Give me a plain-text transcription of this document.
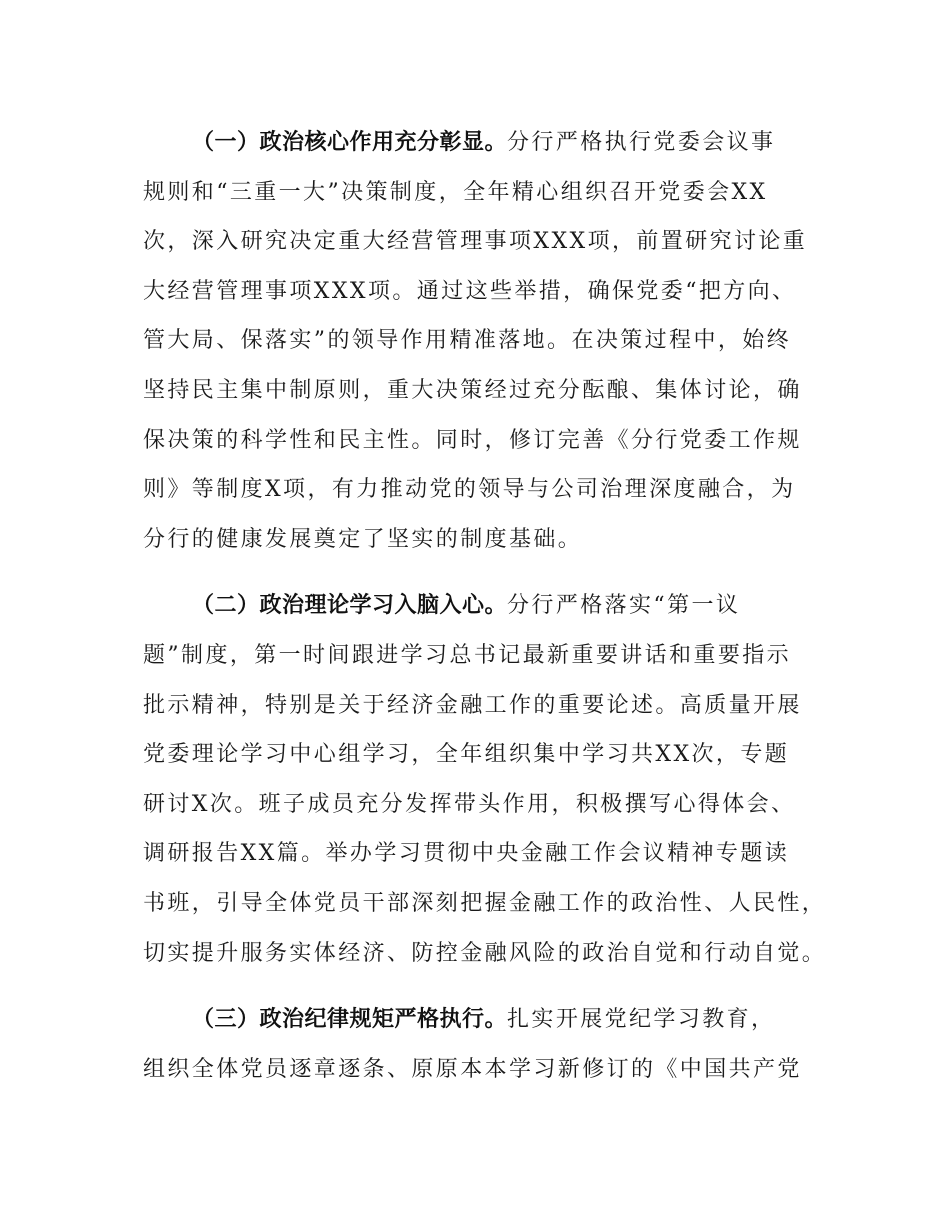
（一）政治核心作用充分彰显。分行严格执行党委会议事
规则和“三重一大”决策制度，全年精心组织召开党委会XX
次，深入研究决定重大经营管理事项XXX项，前置研究讨论重
大经营管理事项XXX项。通过这些举措，确保党委“把方向、
管大局、保落实”的领导作用精准落地。在决策过程中，始终
坚持民主集中制原则，重大决策经过充分酝酿、集体讨论，确
保决策的科学性和民主性。同时，修订完善《分行党委工作规
则》等制度X项，有力推动党的领导与公司治理深度融合，为
分行的健康发展奠定了坚实的制度基础。
（二）政治理论学习入脑入心。分行严格落实“第一议
题”制度，第一时间跟进学习总书记最新重要讲话和重要指示
批示精神，特别是关于经济金融工作的重要论述。高质量开展
党委理论学习中心组学习，全年组织集中学习共XX次，专题
研讨X次。班子成员充分发挥带头作用，积极撰写心得体会、
调研报告XX篇。举办学习贯彻中央金融工作会议精神专题读
书班，引导全体党员干部深刻把握金融工作的政治性、人民性，
切实提升服务实体经济、防控金融风险的政治自觉和行动自觉。
（三）政治纪律规矩严格执行。扎实开展党纪学习教育，
组织全体党员逐章逐条、原原本本学习新修订的《中国共产党
